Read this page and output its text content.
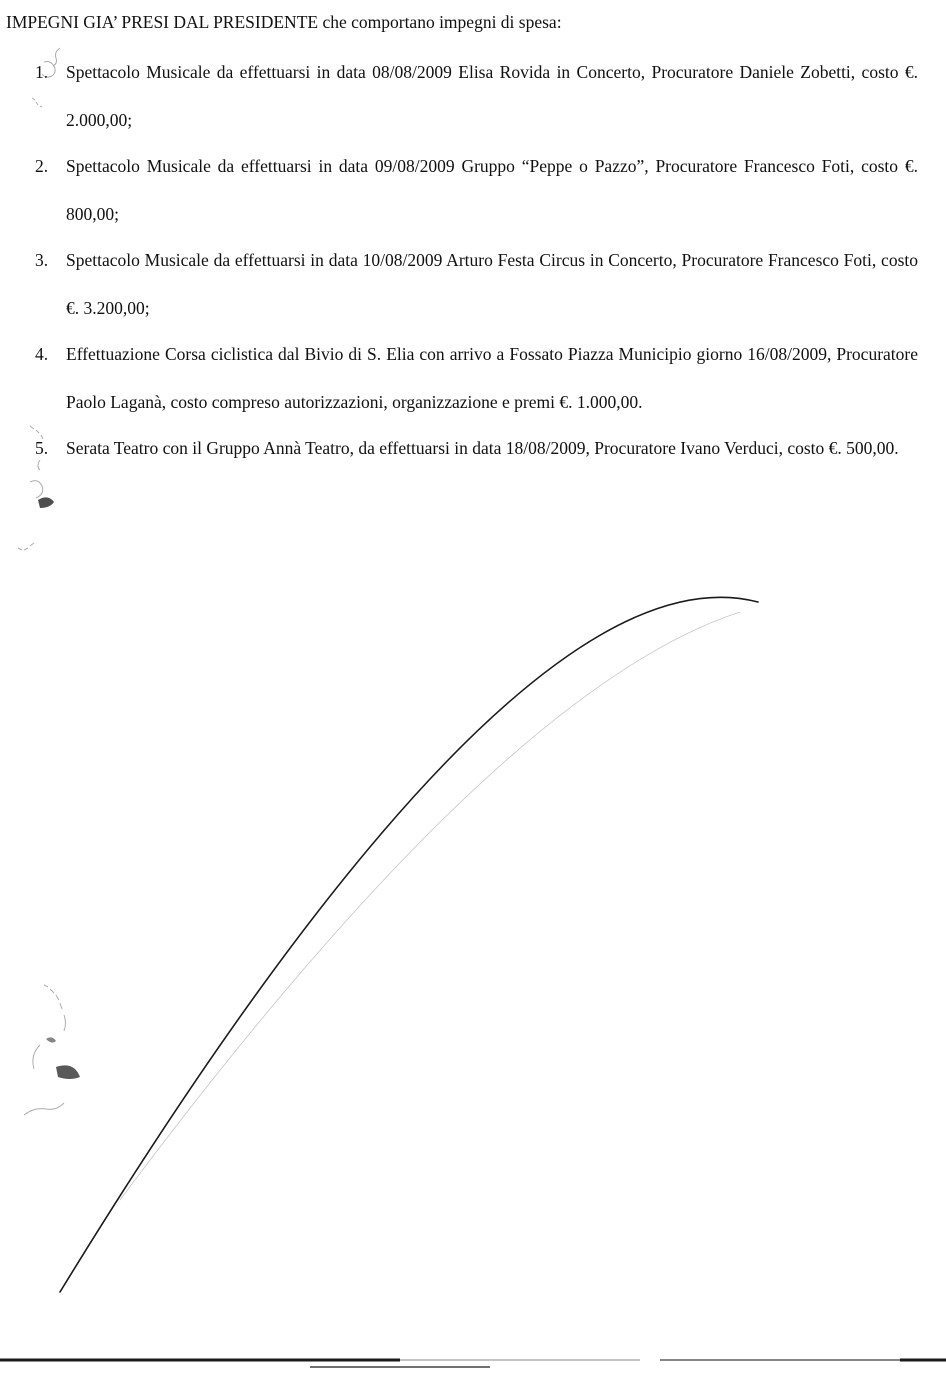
IMPEGNI GIA’ PRESI DAL PRESIDENTE che comportano impegni di spesa:
1.	Spettacolo Musicale da effettuarsi in data 08/08/2009 Elisa Rovida in Concerto, Procuratore Daniele Zobetti, costo €. 2.000,00;
2.	Spettacolo Musicale da effettuarsi in data 09/08/2009 Gruppo “Peppe o Pazzo”, Procuratore Francesco Foti, costo €. 800,00;
3.	Spettacolo Musicale da effettuarsi in data 10/08/2009 Arturo Festa Circus in Concerto, Procuratore Francesco Foti, costo €. 3.200,00;
4.	Effettuazione Corsa ciclistica dal Bivio di S. Elia con arrivo a Fossato Piazza Municipio giorno 16/08/2009, Procuratore Paolo Laganà, costo compreso autorizzazioni, organizzazione e premi €. 1.000,00.
5.	Serata Teatro con il Gruppo Annà Teatro, da effettuarsi in data 18/08/2009, Procuratore Ivano Verduci, costo €. 500,00.
